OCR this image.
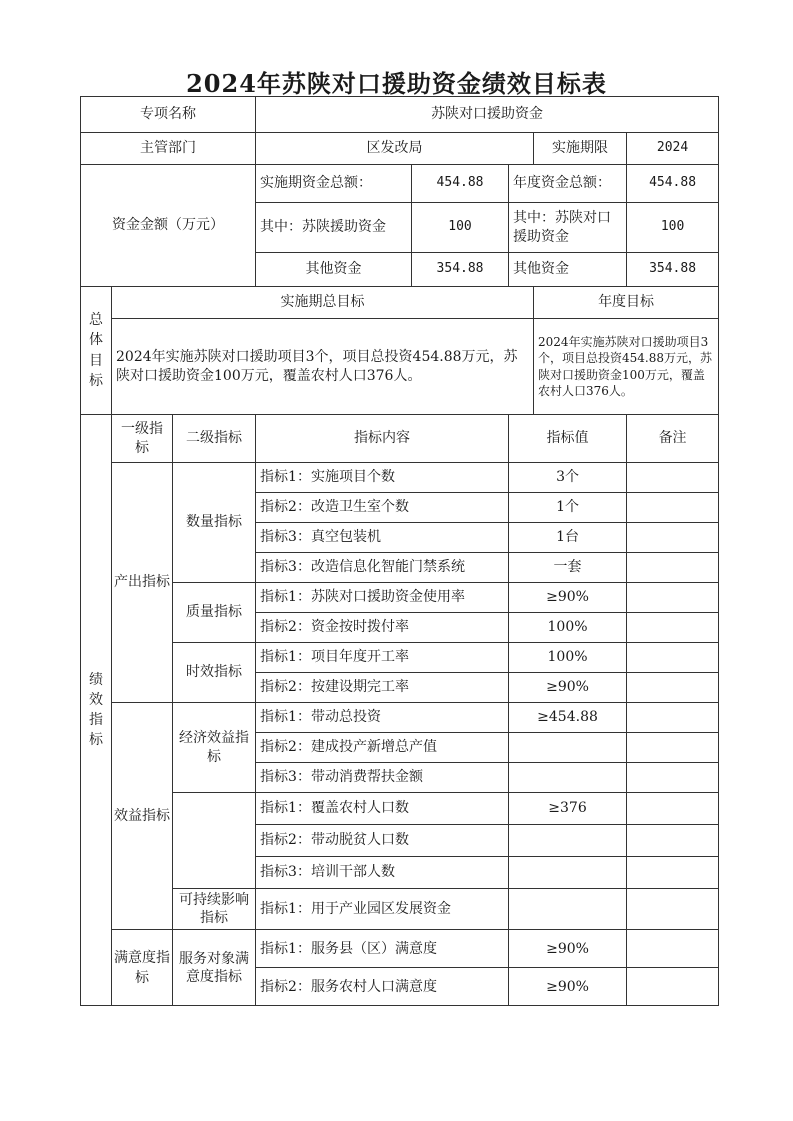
2024年苏陕对口援助资金绩效目标表
专项名称			苏陕对口援助资金				
主管部门			区发改局			实施期限	2024
资金金额（万元）			实施期资金总额：	454.88	年度资金总额：		454.88
			其中：苏陕援助资金	100	其中：苏陕对口援助资金		100
			其他资金	354.88	其他资金		354.88
总体目标	实施期总目标					年度目标	
	2024年实施苏陕对口援助项目3个，项目总投资454.88万元，苏陕对口援助资金100万元，覆盖农村人口376人。					2024年实施苏陕对口援助项目3个，项目总投资454.88万元，苏陕对口援助资金100万元，覆盖农村人口376人。	
绩效指标	一级指标	二级指标	指标内容		指标值		备注
	产出指标	数量指标	指标1：实施项目个数		3个		
			指标2：改造卫生室个数		1个		
			指标3：真空包装机		1台		
			指标3：改造信息化智能门禁系统		一套		
		质量指标	指标1：苏陕对口援助资金使用率		≥90%		
			指标2：资金按时拨付率		100%		
		时效指标	指标1：项目年度开工率		100%		
			指标2：按建设期完工率		≥90%		
	效益指标	经济效益指标	指标1：带动总投资		≥454.88		
			指标2：建成投产新增总产值				
			指标3：带动消费帮扶金额				
			指标1：覆盖农村人口数		≥376		
			指标2：带动脱贫人口数				
			指标3：培训干部人数				
		可持续影响指标	指标1：用于产业园区发展资金				
	满意度指标	服务对象满意度指标	指标1：服务县（区）满意度		≥90%		
			指标2：服务农村人口满意度		≥90%		
